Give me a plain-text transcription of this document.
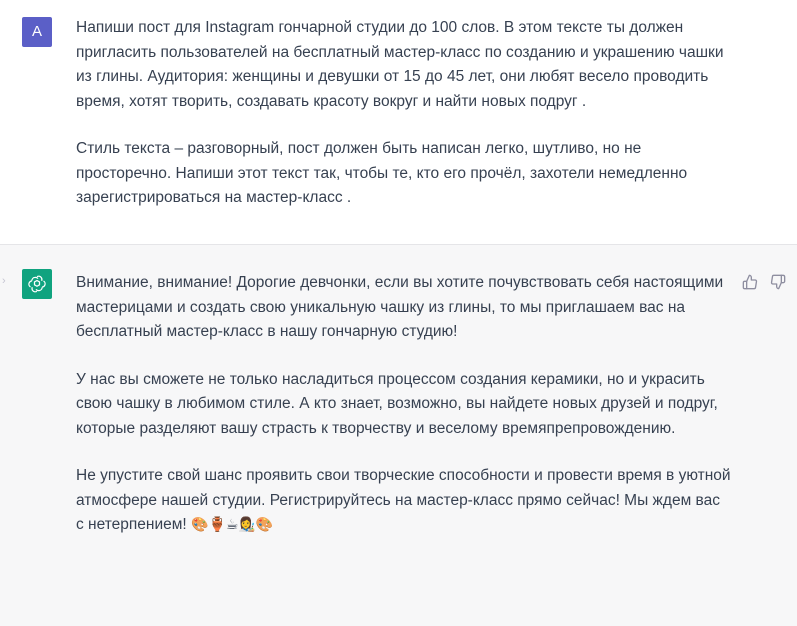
A	Напиши пост для Instagram гончарной студии до 100 слов. В этом тексте ты должен пригласить пользователей на бесплатный мастер-класс по созданию и украшению чашки из глины. Аудитория: женщины и девушки от 15 до 45 лет, они любят весело проводить время, хотят творить, создавать красоту вокруг и найти новых подруг .

Стиль текста – разговорный, пост должен быть написан легко, шутливо, но не просторечно. Напиши этот текст так, чтобы те, кто его прочёл, захотели немедленно зарегистрироваться на мастер-класс .

›	Внимание, внимание! Дорогие девчонки, если вы хотите почувствовать себя настоящими мастерицами и создать свою уникальную чашку из глины, то мы приглашаем вас на бесплатный мастер-класс в нашу гончарную студию!

У нас вы сможете не только насладиться процессом создания керамики, но и украсить свою чашку в любимом стиле. А кто знает, возможно, вы найдете новых друзей и подруг, которые разделяют вашу страсть к творчеству и веселому времяпрепровождению.

Не упустите свой шанс проявить свои творческие способности и провести время в уютной атмосфере нашей студии. Регистрируйтесь на мастер-класс прямо сейчас! Мы ждем вас с нетерпением! 🎨🏺☕👩‍🎨🎨
